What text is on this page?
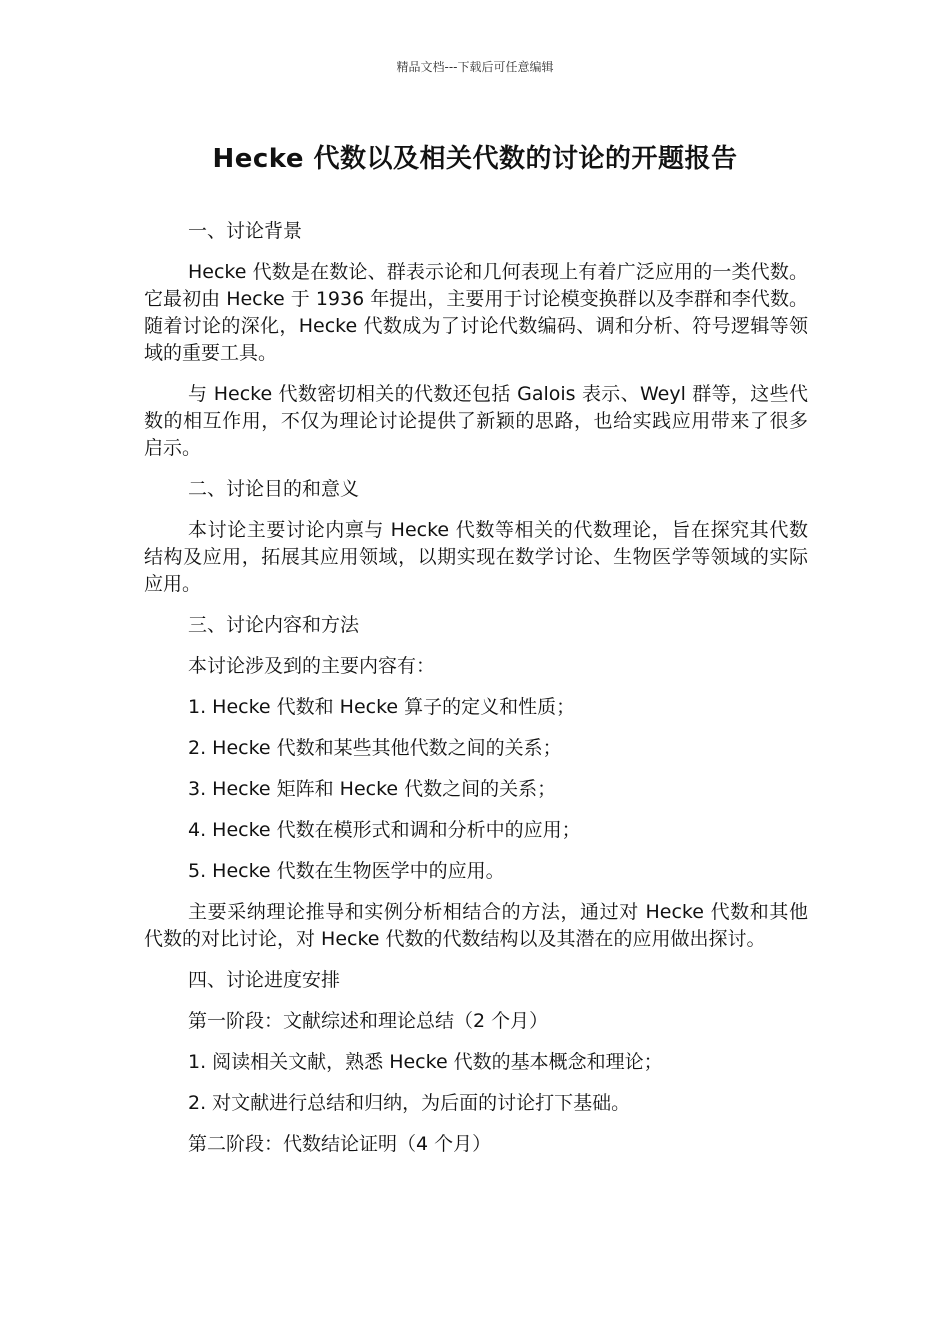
精品文档---下载后可任意编辑
Hecke 代数以及相关代数的讨论的开题报告
一、讨论背景
Hecke 代数是在数论、群表示论和几何表现上有着广泛应用的一类代数。它最初由 Hecke 于 1936 年提出，主要用于讨论模变换群以及李群和李代数。随着讨论的深化，Hecke 代数成为了讨论代数编码、调和分析、符号逻辑等领域的重要工具。
与 Hecke 代数密切相关的代数还包括 Galois 表示、Weyl 群等，这些代数的相互作用，不仅为理论讨论提供了新颖的思路，也给实践应用带来了很多启示。
二、讨论目的和意义
本讨论主要讨论内禀与 Hecke 代数等相关的代数理论，旨在探究其代数结构及应用，拓展其应用领域，以期实现在数学讨论、生物医学等领域的实际应用。
三、讨论内容和方法
本讨论涉及到的主要内容有：
1. Hecke 代数和 Hecke 算子的定义和性质；
2. Hecke 代数和某些其他代数之间的关系；
3. Hecke 矩阵和 Hecke 代数之间的关系；
4. Hecke 代数在模形式和调和分析中的应用；
5. Hecke 代数在生物医学中的应用。
主要采纳理论推导和实例分析相结合的方法，通过对 Hecke 代数和其他代数的对比讨论，对 Hecke 代数的代数结构以及其潜在的应用做出探讨。
四、讨论进度安排
第一阶段：文献综述和理论总结（2 个月）
1. 阅读相关文献，熟悉 Hecke 代数的基本概念和理论；
2. 对文献进行总结和归纳，为后面的讨论打下基础。
第二阶段：代数结论证明（4 个月）
